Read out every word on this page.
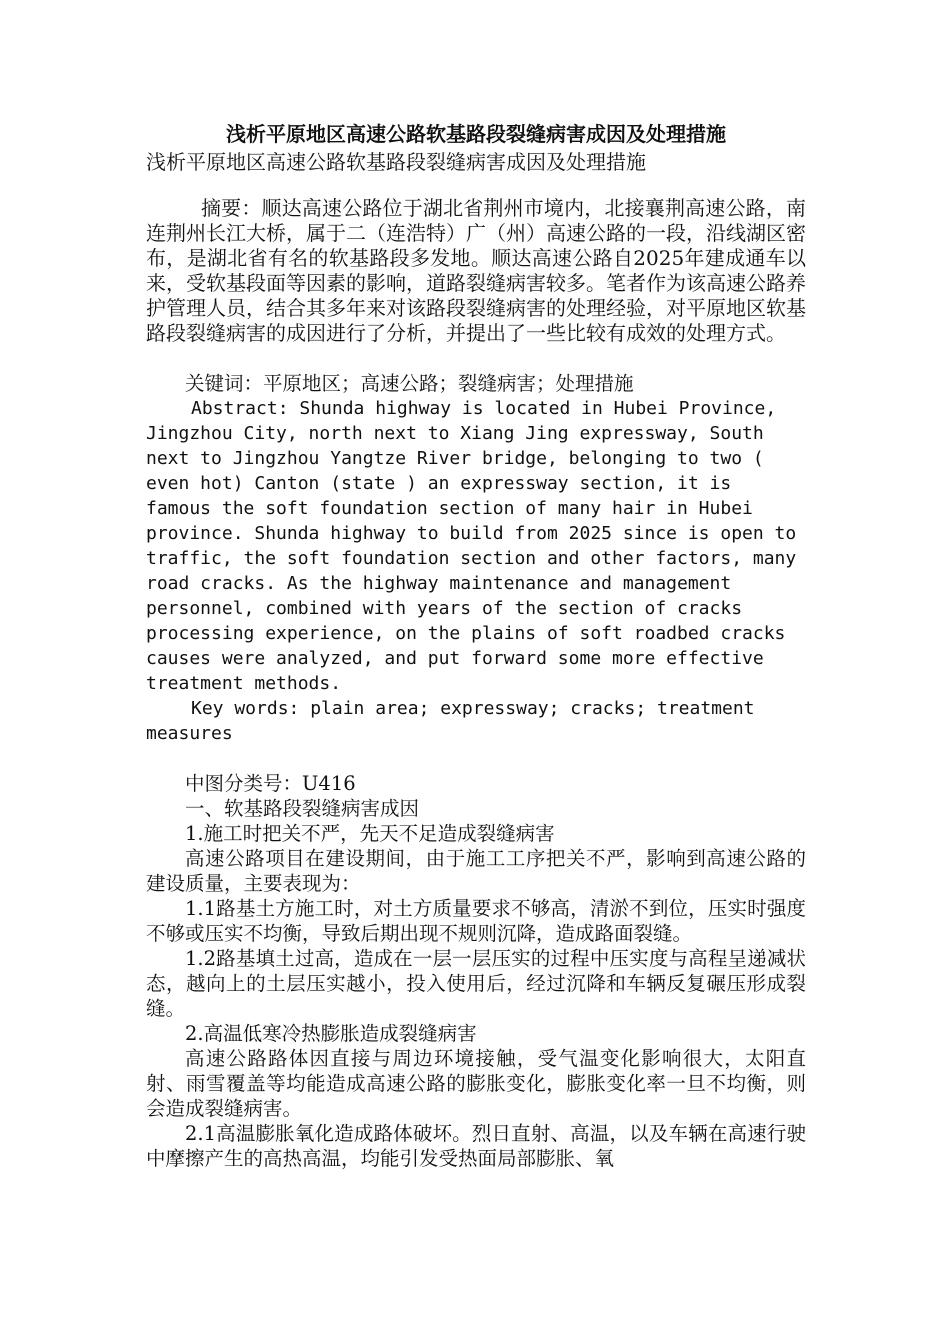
浅析平原地区高速公路软基路段裂缝病害成因及处理措施

浅析平原地区高速公路软基路段裂缝病害成因及处理措施

摘要：顺达高速公路位于湖北省荆州市境内，北接襄荆高速公路，南连荆州长江大桥，属于二（连浩特）广（州）高速公路的一段，沿线湖区密布，是湖北省有名的软基路段多发地。顺达高速公路自2025年建成通车以来，受软基段面等因素的影响，道路裂缝病害较多。笔者作为该高速公路养护管理人员，结合其多年来对该路段裂缝病害的处理经验，对平原地区软基路段裂缝病害的成因进行了分析，并提出了一些比较有成效的处理方式。

关键词：平原地区；高速公路；裂缝病害；处理措施

Abstract: Shunda highway is located in Hubei Province, Jingzhou City, north next to Xiang Jing expressway, South next to Jingzhou Yangtze River bridge, belonging to two ( even hot) Canton (state ) an expressway section, it is famous the soft foundation section of many hair in Hubei province. Shunda highway to build from 2025 since is open to traffic, the soft foundation section and other factors, many road cracks. As the highway maintenance and management personnel, combined with years of the section of cracks processing experience, on the plains of soft roadbed cracks causes were analyzed, and put forward some more effective treatment methods.

Key words: plain area; expressway; cracks; treatment measures

中图分类号：U416

一、软基路段裂缝病害成因

1.施工时把关不严，先天不足造成裂缝病害

高速公路项目在建设期间，由于施工工序把关不严，影响到高速公路的建设质量，主要表现为：

1.1路基土方施工时，对土方质量要求不够高，清淤不到位，压实时强度不够或压实不均衡，导致后期出现不规则沉降，造成路面裂缝。

1.2路基填土过高，造成在一层一层压实的过程中压实度与高程呈递减状态，越向上的土层压实越小，投入使用后，经过沉降和车辆反复碾压形成裂缝。

2.高温低寒冷热膨胀造成裂缝病害

高速公路路体因直接与周边环境接触，受气温变化影响很大，太阳直射、雨雪覆盖等均能造成高速公路的膨胀变化，膨胀变化率一旦不均衡，则会造成裂缝病害。

2.1高温膨胀氧化造成路体破坏。烈日直射、高温，以及车辆在高速行驶中摩擦产生的高热高温，均能引发受热面局部膨胀、氧
